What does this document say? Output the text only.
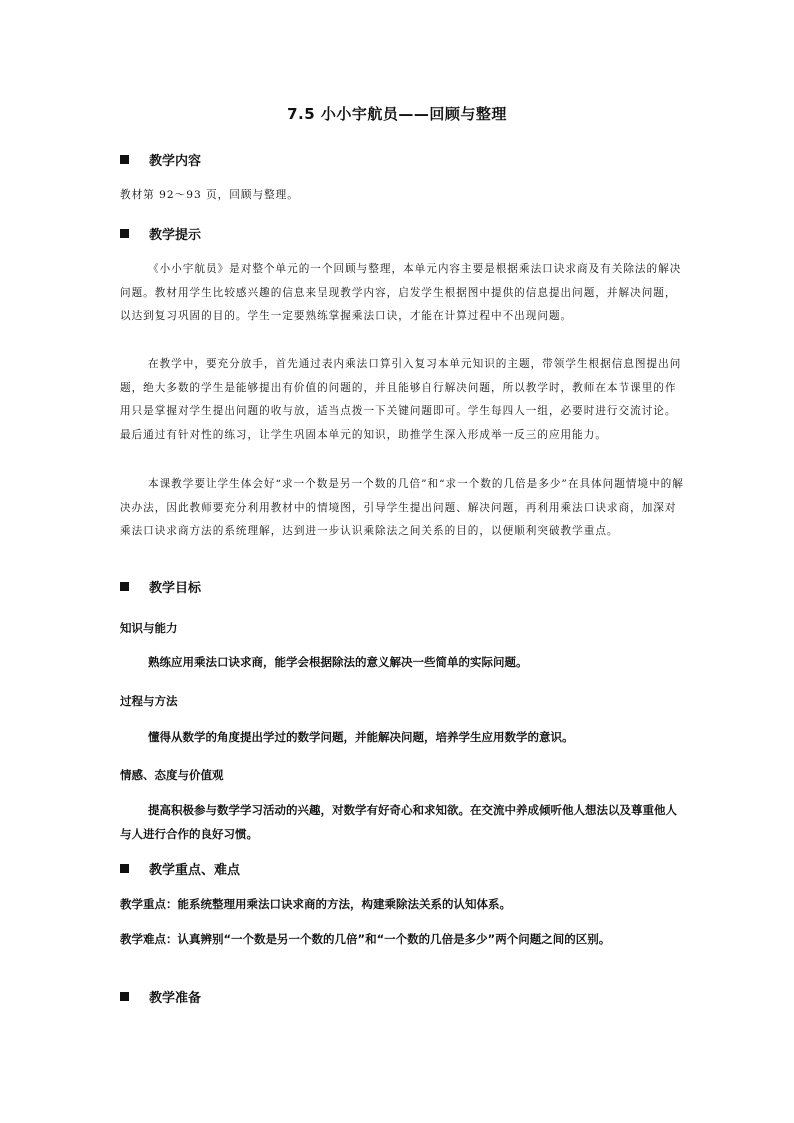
7.5 小小宇航员——回顾与整理
教学内容
教材第 92～93 页，回顾与整理。
教学提示
《小小宇航员》是对整个单元的一个回顾与整理，本单元内容主要是根据乘法口诀求商及有关除法的解决问题。教材用学生比较感兴趣的信息来呈现教学内容，启发学生根据图中提供的信息提出问题，并解决问题，以达到复习巩固的目的。学生一定要熟练掌握乘法口诀，才能在计算过程中不出现问题。
在教学中，要充分放手，首先通过表内乘法口算引入复习本单元知识的主题，带领学生根据信息图提出问题，绝大多数的学生是能够提出有价值的问题的，并且能够自行解决问题，所以教学时，教师在本节课里的作用只是掌握对学生提出问题的收与放，适当点拨一下关键问题即可。学生每四人一组，必要时进行交流讨论。最后通过有针对性的练习，让学生巩固本单元的知识，助推学生深入形成举一反三的应用能力。
本课教学要让学生体会好“求一个数是另一个数的几倍”和“求一个数的几倍是多少”在具体问题情境中的解决办法，因此教师要充分利用教材中的情境图，引导学生提出问题、解决问题，再利用乘法口诀求商，加深对乘法口诀求商方法的系统理解，达到进一步认识乘除法之间关系的目的，以便顺利突破教学重点。
教学目标
知识与能力
熟练应用乘法口诀求商，能学会根据除法的意义解决一些简单的实际问题。
过程与方法
懂得从数学的角度提出学过的数学问题，并能解决问题，培养学生应用数学的意识。
情感、态度与价值观
提高积极参与数学学习活动的兴趣，对数学有好奇心和求知欲。在交流中养成倾听他人想法以及尊重他人与人进行合作的良好习惯。
教学重点、难点
教学重点：能系统整理用乘法口诀求商的方法，构建乘除法关系的认知体系。
教学难点：认真辨别“一个数是另一个数的几倍”和“一个数的几倍是多少”两个问题之间的区别。
教学准备
